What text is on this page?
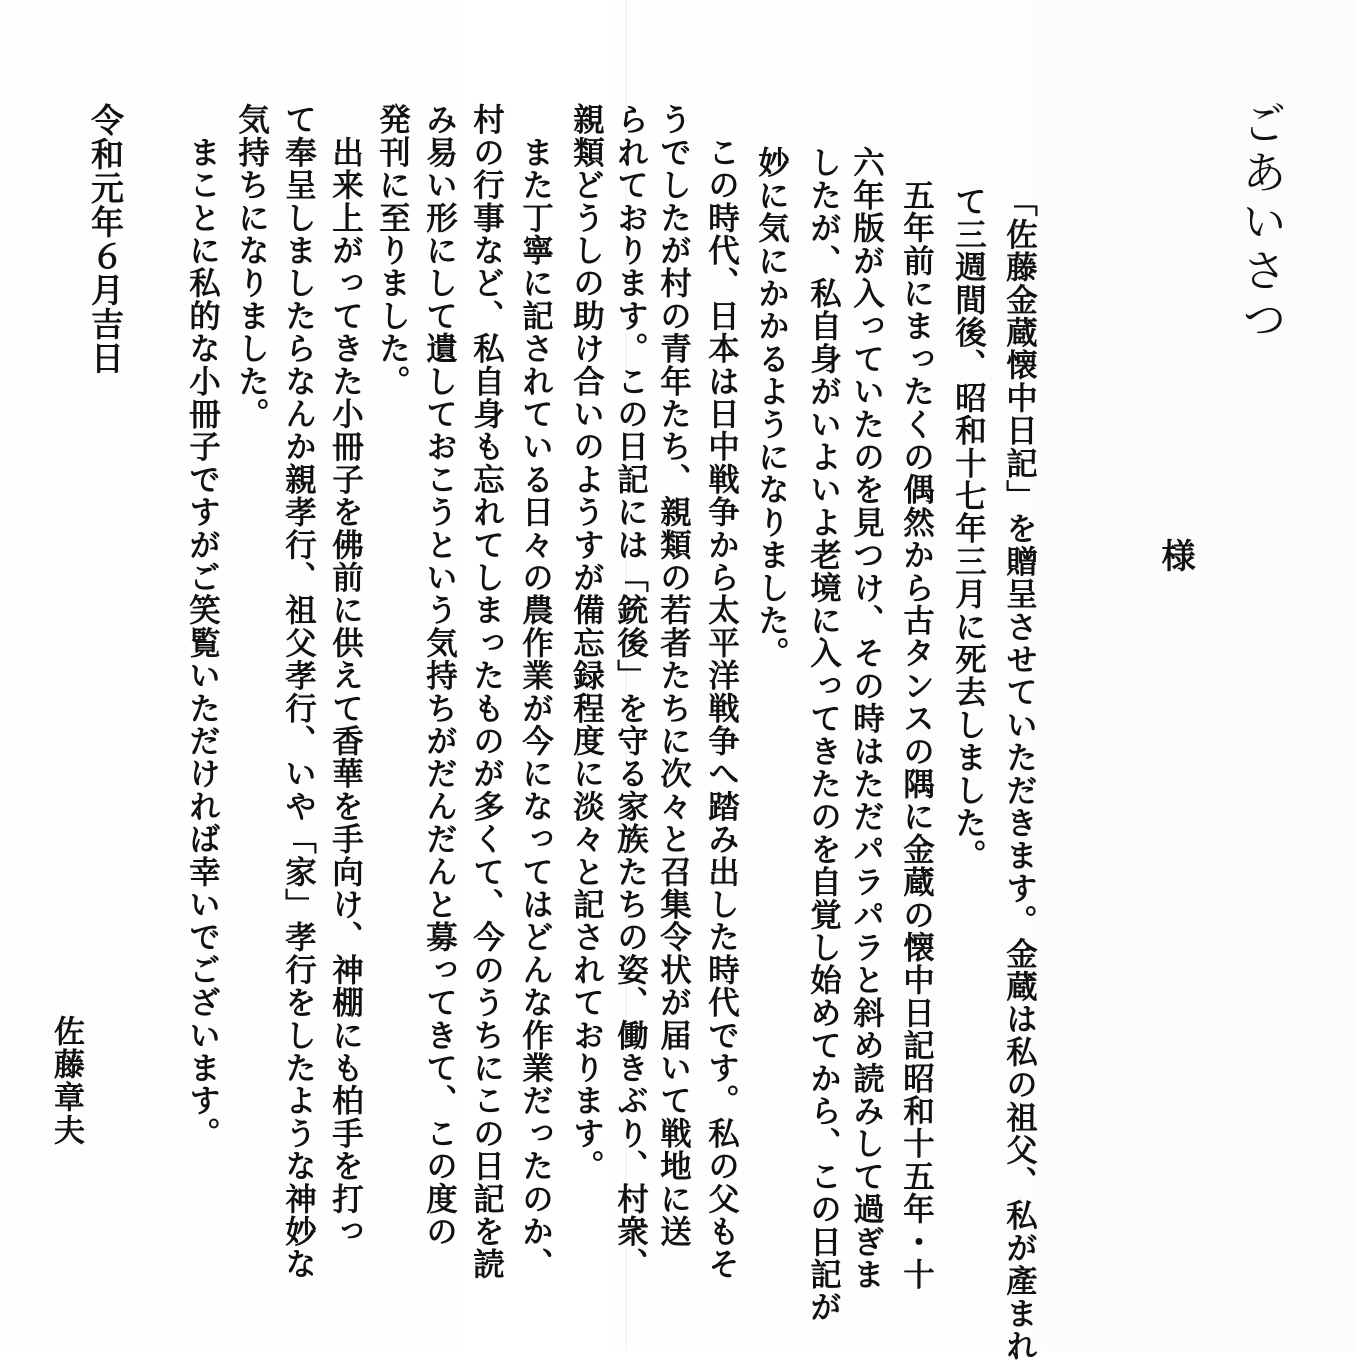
ごあいさつ
様
「佐藤金蔵懐中日記」を贈呈させていただきます。金蔵は私の祖父、私が產まれ
て三週間後、昭和十七年三月に死去しました。
　五年前にまったくの偶然から古タンスの隅に金蔵の懐中日記昭和十五年・十
六年版が入っていたのを見つけ、その時はただパラパラと斜め読みして過ぎま
したが、私自身がいよいよ老境に入ってきたのを自覚し始めてから、この日記が
妙に気にかかるようになりました。
　この時代、日本は日中戦争から太平洋戦争へ踏み出した時代です。私の父もそ
うでしたが村の青年たち、親類の若者たちに次々と召集令状が届いて戦地に送
られております。この日記には「銃後」を守る家族たちの姿、働きぶり、村衆、
親類どうしの助け合いのようすが備忘録程度に淡々と記されております。
　また丁寧に記されている日々の農作業が今になってはどんな作業だったのか、
村の行事など、私自身も忘れてしまったものが多くて、今のうちにこの日記を読
み易い形にして遺しておこうという気持ちがだんだんと募ってきて、この度の
発刊に至りました。
　出来上がってきた小冊子を佛前に供えて香華を手向け、神棚にも柏手を打っ
て奉呈しましたらなんか親孝行、祖父孝行、いや「家」孝行をしたような神妙な
気持ちになりました。
　まことに私的な小冊子ですがご笑覧いただければ幸いでございます。
令和元年６月吉日
佐藤章夫
